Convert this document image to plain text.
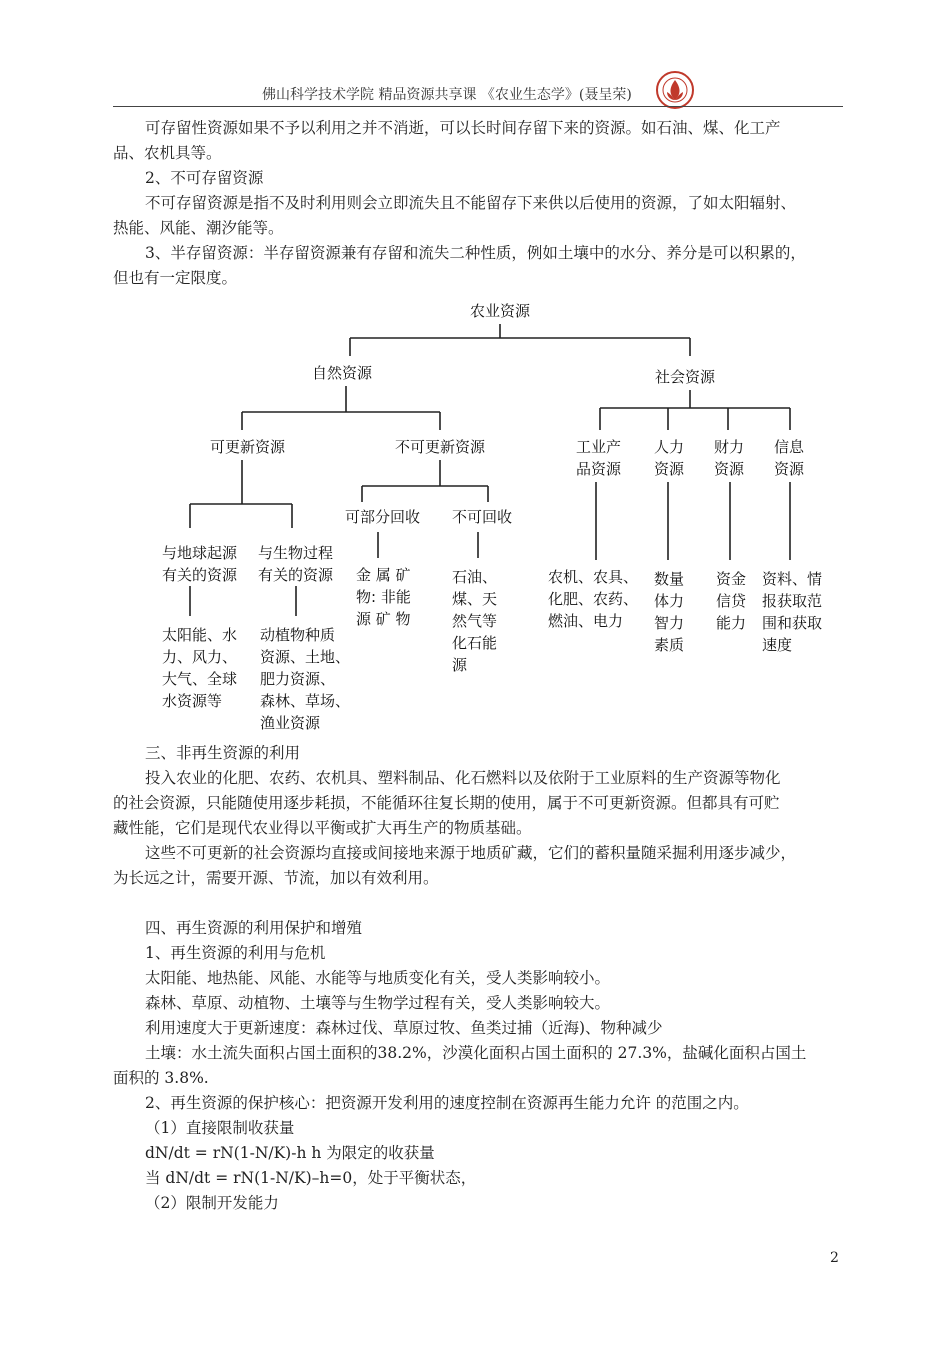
佛山科学技术学院 精品资源共享课 《农业生态学》(聂呈荣)
可存留性资源如果不予以利用之并不消逝，可以长时间存留下来的资源。如石油、煤、化工产
品、农机具等。
2、不可存留资源
不可存留资源是指不及时利用则会立即流失且不能留存下来供以后使用的资源，了如太阳辐射、
热能、风能、潮汐能等。
3、半存留资源：半存留资源兼有存留和流失二种性质，例如土壤中的水分、养分是可以积累的，
但也有一定限度。
农业资源
自然资源	社会资源
可更新资源	不可更新资源
可部分回收 不可回收
与地球起源
有关的资源
与生物过程
有关的资源
太阳能、水
力、风力、
大气、全球
水资源等
动植物种质
资源、土地、
肥力资源、
森林、草场、
渔业资源
金 属 矿
物: 非能
源 矿 物
石油、
煤、天
然气等
化石能
源
工业产
品资源
人力
资源
财力
资源
信息
资源
农机、农具、
化肥、农药、
燃油、电力
数量
体力
智力
素质
资金
信贷
能力
资料、情
报获取范
围和获取
速度
三、非再生资源的利用
投入农业的化肥、农药、农机具、塑料制品、化石燃料以及依附于工业原料的生产资源等物化
的社会资源，只能随使用逐步耗损，不能循环往复长期的使用，属于不可更新资源。但都具有可贮
藏性能，它们是现代农业得以平衡或扩大再生产的物质基础。
这些不可更新的社会资源均直接或间接地来源于地质矿藏，它们的蓄积量随采掘利用逐步减少，
为长远之计，需要开源、节流，加以有效利用。
四、再生资源的利用保护和增殖
1、再生资源的利用与危机
太阳能、地热能、风能、水能等与地质变化有关，受人类影响较小。
森林、草原、动植物、土壤等与生物学过程有关，受人类影响较大。
利用速度大于更新速度：森林过伐、草原过牧、鱼类过捕（近海)、物种减少
土壤：水土流失面积占国土面积的38.2%，沙漠化面积占国土面积的 27.3%，盐碱化面积占国土
面积的 3.8%.
2、再生资源的保护核心：把资源开发利用的速度控制在资源再生能力允许 的范围之内。
（1）直接限制收获量
dN/dt = rN(1-N/K)-h h 为限定的收获量
当 dN/dt = rN(1-N/K)–h=0，处于平衡状态，
（2）限制开发能力
2
